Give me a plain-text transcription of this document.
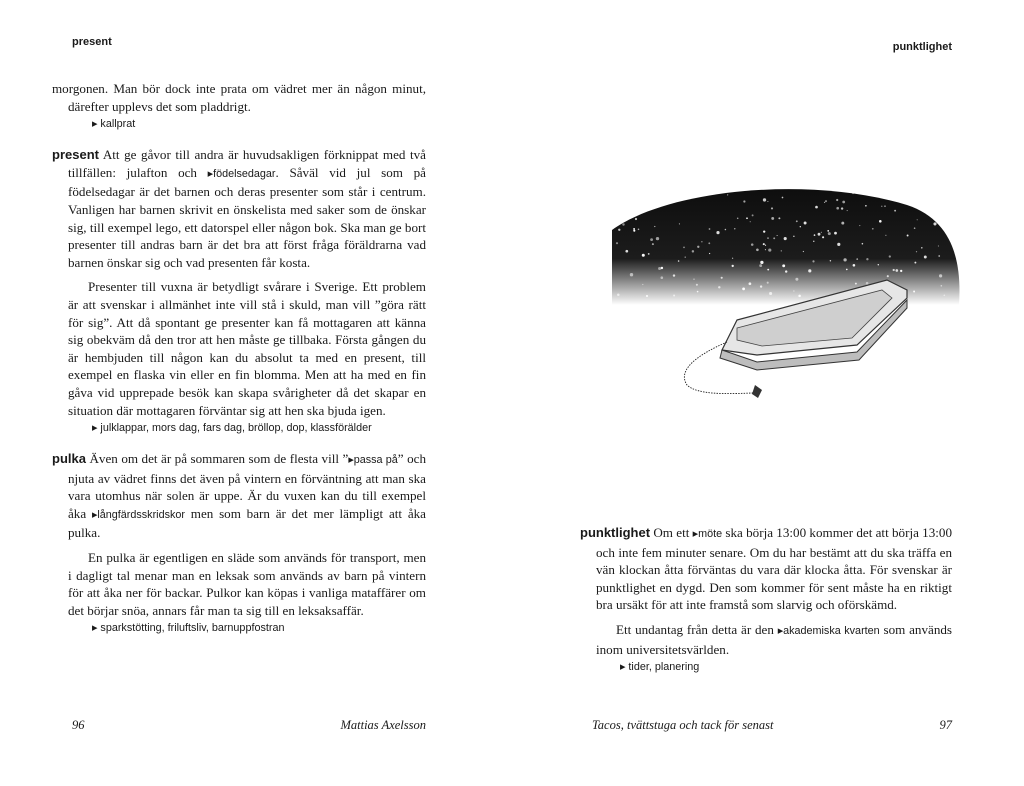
present
morgonen. Man bör dock inte prata om vädret mer än någon minut, därefter upplevs det som pladdrigt.
▸ kallprat

present Att ge gåvor till andra är huvudsakligen förknippat med två tillfällen: julafton och ▸födelsedagar. Såväl vid jul som på födelsedagar är det barnen och deras presenter som står i centrum. Vanligen har barnen skrivit en önskelista med saker som de önskar sig, till exempel lego, ett datorspel eller någon bok. Ska man ge bort presenter till andras barn är det bra att först fråga föräldrarna vad barnen önskar sig och vad presenten får kosta.

Presenter till vuxna är betydligt svårare i Sverige. Ett problem är att svenskar i allmänhet inte vill stå i skuld, man vill ”göra rätt för sig”. Att då spontant ge presenter kan få mottagaren att känna sig obekväm då den tror att hen måste ge tillbaka. Första gången du är hembjuden till någon kan du absolut ta med en present, till exempel en flaska vin eller en fin blomma. Men att ha med en fin gåva vid upprepade besök kan skapa svårigheter då det skapar en situation där mottagaren förväntar sig att hen ska bjuda igen.

▸ julklappar, mors dag, fars dag, bröllop, dop, klassförälder

pulka Även om det är på sommaren som de flesta vill ”▸passa på” och njuta av vädret finns det även på vintern en förväntning att man ska vara utomhus när solen är uppe. Är du vuxen kan du till exempel åka ▸långfärdsskridskor men som barn är det mer lämpligt att åka pulka.

En pulka är egentligen en släde som används för transport, men i dagligt tal menar man en leksak som används av barn på vintern för att åka ner för backar. Pulkor kan köpas i vanliga mataffärer om det börjar snöa, annars får man ta sig till en leksaksaffär.

▸ sparkstötting, friluftsliv, barnuppfostran
96	Mattias Axelsson
punktlighet

punktlighet Om ett ▸möte ska börja 13:00 kommer det att börja 13:00 och inte fem minuter senare. Om du har bestämt att du ska träffa en vän klockan åtta förväntas du vara där klocka åtta. För svenskar är punktlighet en dygd. Den som kommer för sent måste ha en riktigt bra ursäkt för att inte framstå som slarvig och oförskämd.

Ett undantag från detta är den ▸akademiska kvarten som används inom universitetsvärlden.

▸ tider, planering
Tacos, tvättstuga och tack för senast	97
